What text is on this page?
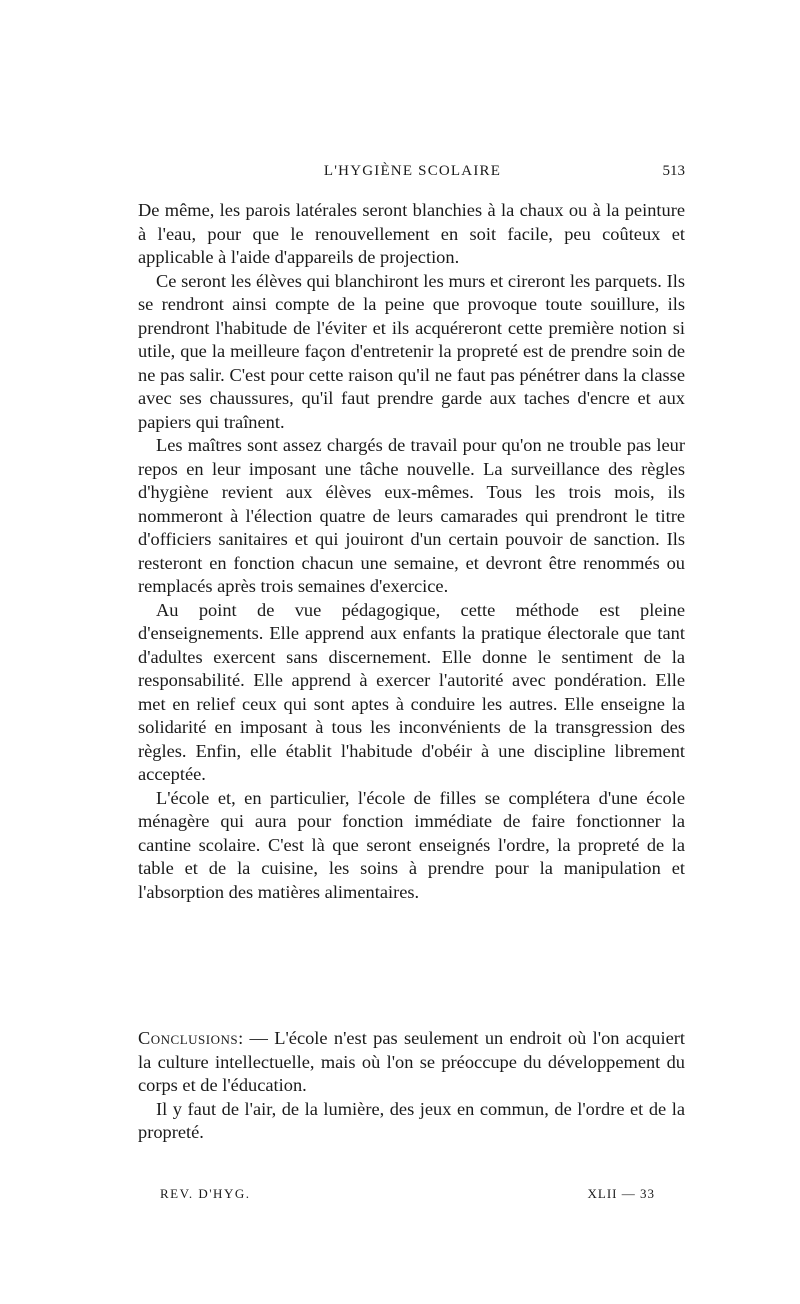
L'HYGIÈNE SCOLAIRE	513

De même, les parois latérales seront blanchies à la chaux ou à la peinture à l'eau, pour que le renouvellement en soit facile, peu coûteux et applicable à l'aide d'appareils de projection.

Ce seront les élèves qui blanchiront les murs et cireront les parquets. Ils se rendront ainsi compte de la peine que provoque toute souillure, ils prendront l'habitude de l'éviter et ils acquéreront cette première notion si utile, que la meilleure façon d'entretenir la propreté est de prendre soin de ne pas salir. C'est pour cette raison qu'il ne faut pas pénétrer dans la classe avec ses chaussures, qu'il faut prendre garde aux taches d'encre et aux papiers qui traînent.

Les maîtres sont assez chargés de travail pour qu'on ne trouble pas leur repos en leur imposant une tâche nouvelle. La surveillance des règles d'hygiène revient aux élèves eux-mêmes. Tous les trois mois, ils nommeront à l'élection quatre de leurs camarades qui prendront le titre d'officiers sanitaires et qui jouiront d'un certain pouvoir de sanction. Ils resteront en fonction chacun une semaine, et devront être renommés ou remplacés après trois semaines d'exercice.

Au point de vue pédagogique, cette méthode est pleine d'enseignements. Elle apprend aux enfants la pratique électorale que tant d'adultes exercent sans discernement. Elle donne le sentiment de la responsabilité. Elle apprend à exercer l'autorité avec pondération. Elle met en relief ceux qui sont aptes à conduire les autres. Elle enseigne la solidarité en imposant à tous les inconvénients de la transgression des règles. Enfin, elle établit l'habitude d'obéir à une discipline librement acceptée.

L'école et, en particulier, l'école de filles se complétera d'une école ménagère qui aura pour fonction immédiate de faire fonctionner la cantine scolaire. C'est là que seront enseignés l'ordre, la propreté de la table et de la cuisine, les soins à prendre pour la manipulation et l'absorption des matières alimentaires.

Conclusions: — L'école n'est pas seulement un endroit où l'on acquiert la culture intellectuelle, mais où l'on se préoccupe du développement du corps et de l'éducation.

Il y faut de l'air, de la lumière, des jeux en commun, de l'ordre et de la propreté.

REV. D'HYG.	XLII — 33
